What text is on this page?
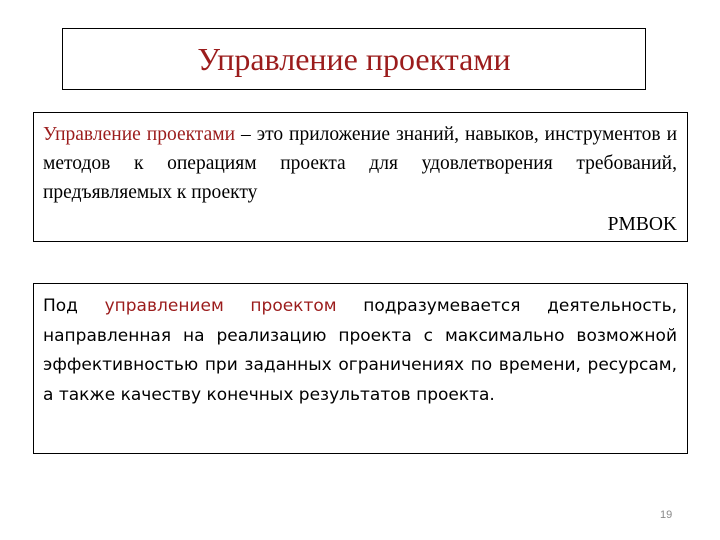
Управление проектами

Управление проектами – это приложение знаний, навыков, инструментов и методов к операциям проекта для удовлетворения требований, предъявляемых к проекту

PMBOK

Под управлением проектом подразумевается деятельность, направленная на реализацию проекта с максимально возможной эффективностью при заданных ограничениях по времени, ресурсам, а также качеству конечных результатов проекта.

19
